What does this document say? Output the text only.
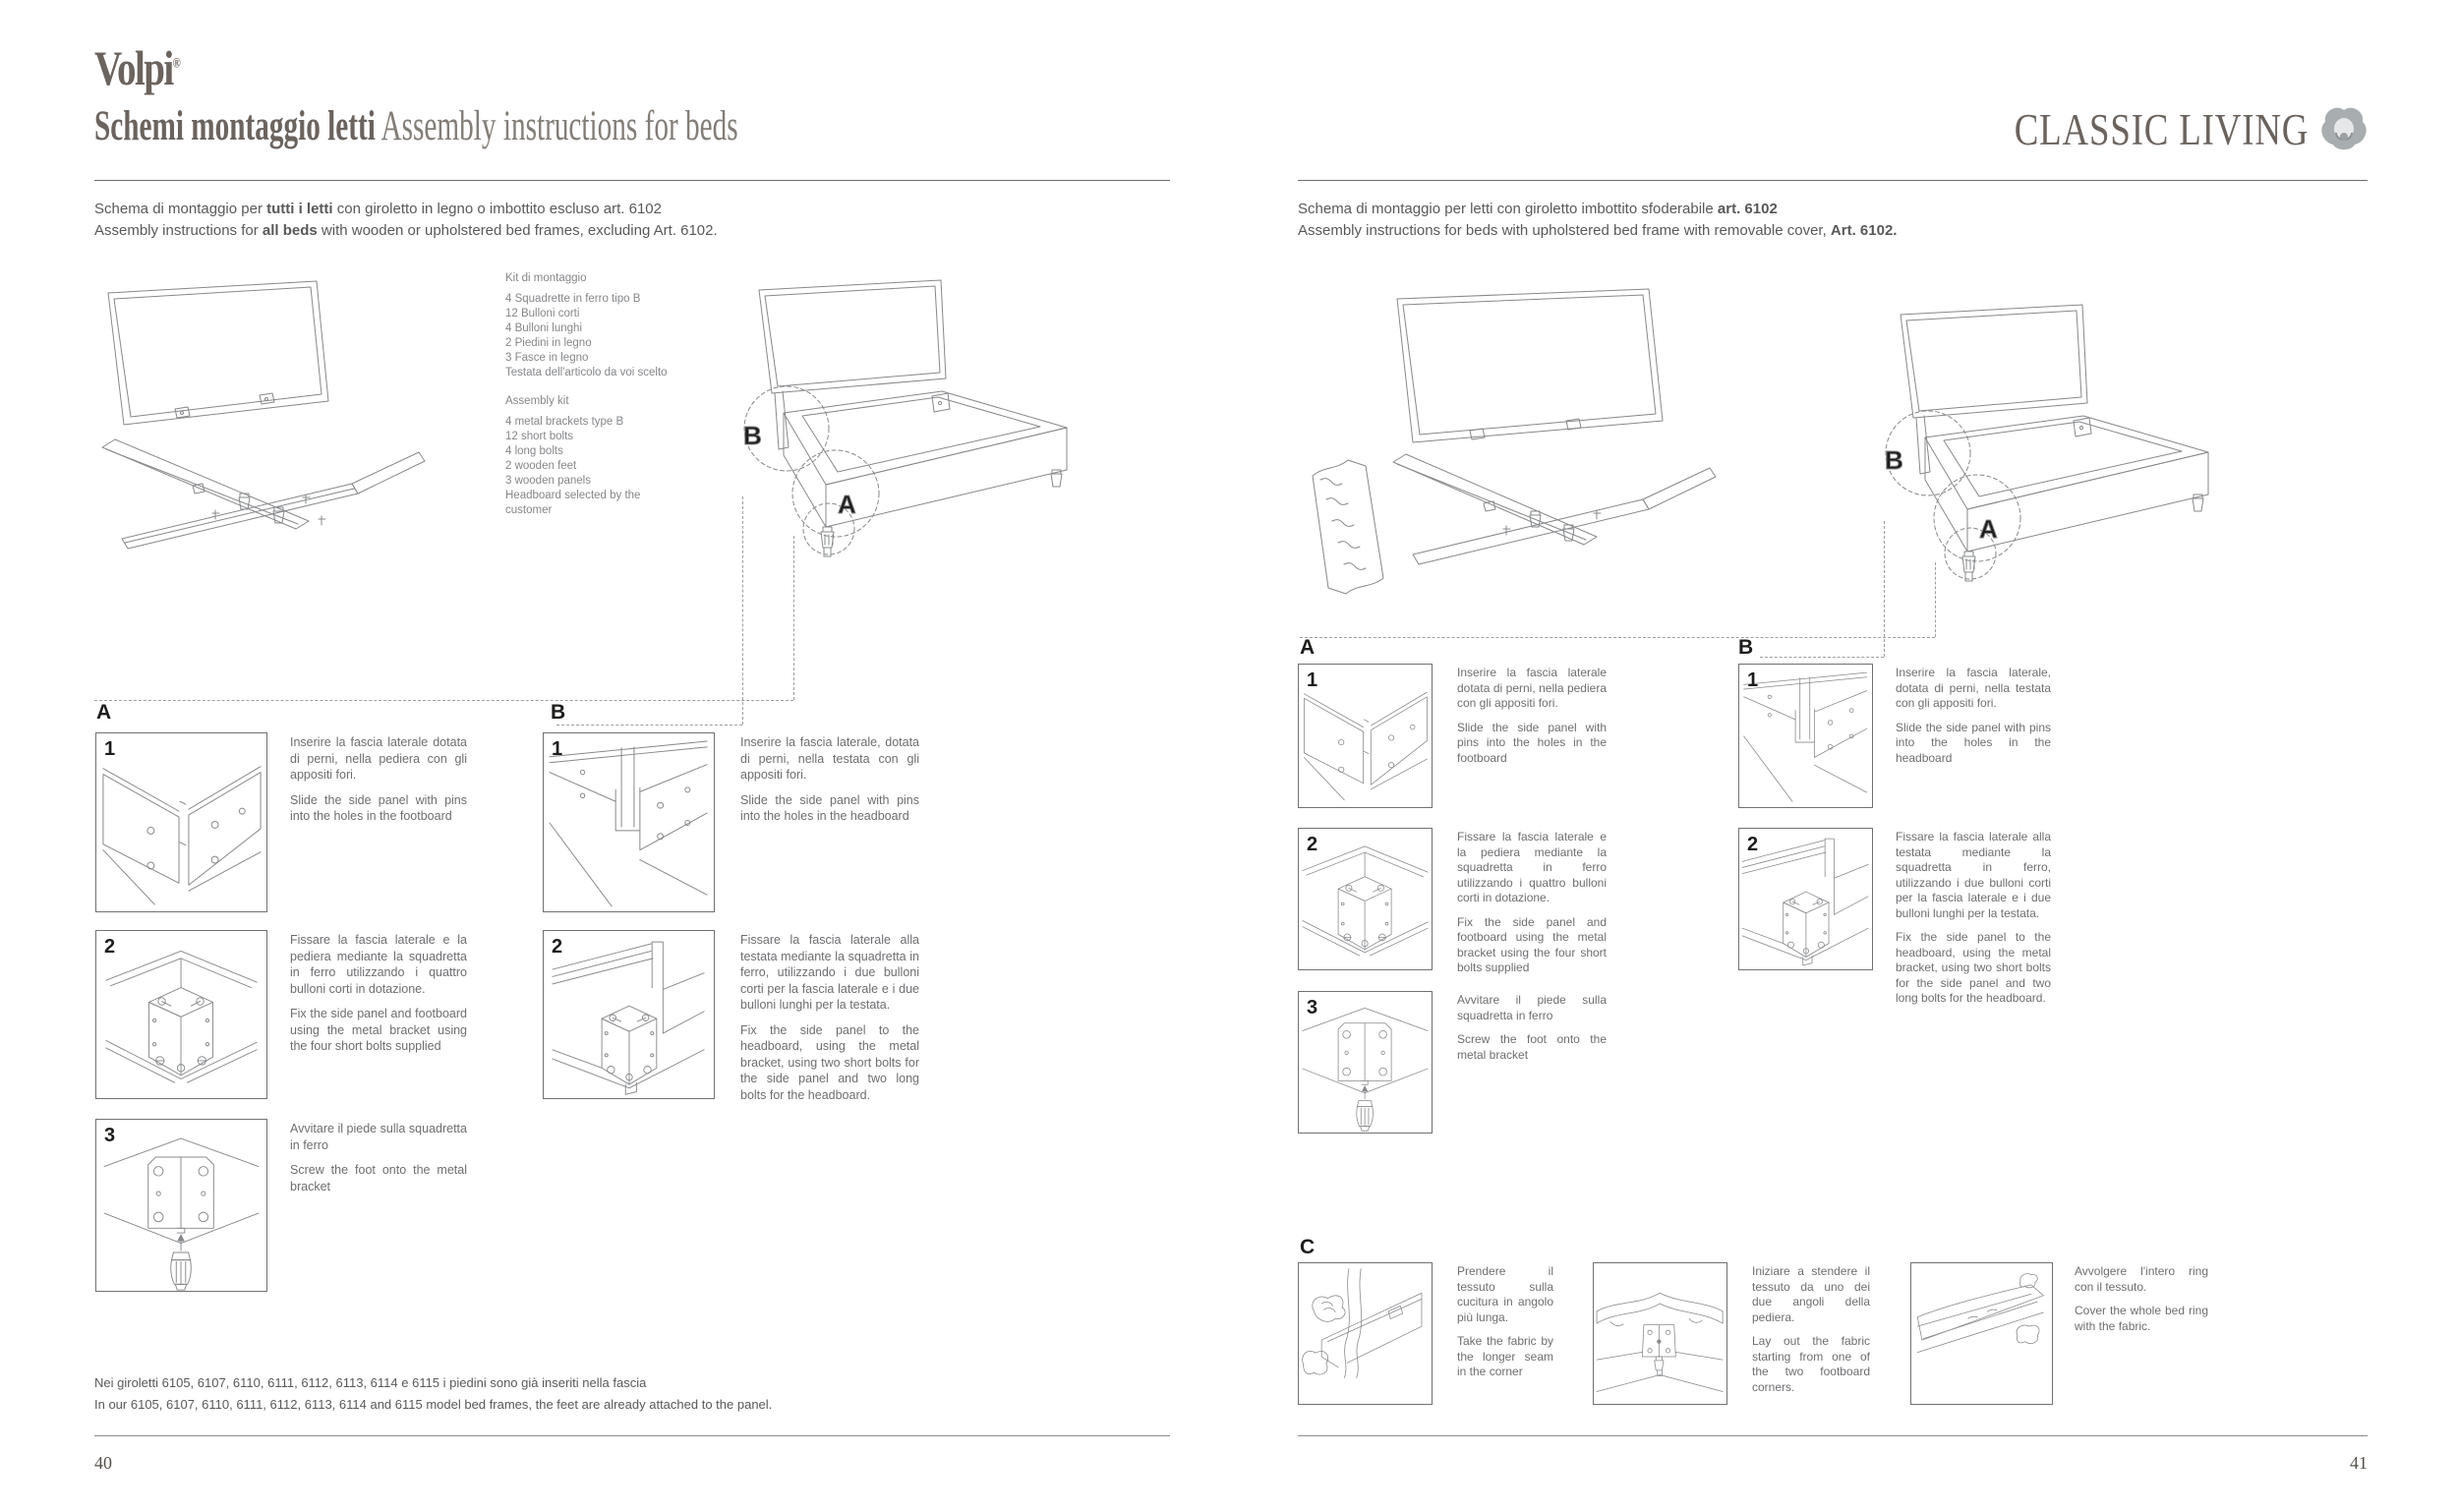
Volpi®
Schemi montaggio letti Assembly instructions for beds	CLASSIC LIVING

Schema di montaggio per tutti i letti con giroletto in legno o imbottito escluso art. 6102

Assembly instructions for all beds with wooden or upholstered bed frames, excluding Art. 6102.

Kit di montaggio
4 Squadrette in ferro tipo B
12 Bulloni corti
4 Bulloni lunghi
2 Piedini in legno
3 Fasce in legno
Testata dell'articolo da voi scelto
Assembly kit
4 metal brackets type B
12 short bolts
4 long bolts
2 wooden feet
3 wooden panels
Headboard selected by the customer
A
1	Inserire la fascia laterale dotata di perni, nella pediera con gli appositi fori.

Slide the side panel with pins into the holes in the footboard

2	Fissare la fascia laterale e la pediera mediante la squadretta in ferro utilizzando i quattro bulloni corti in dotazione.

Fix the side panel and footboard using the metal bracket using the four short bolts supplied

3	Avvitare il piede sulla squadretta in ferro

Screw the foot onto the metal bracket

B
1	Inserire la fascia laterale, dotata di perni, nella testata con gli appositi fori.

Slide the side panel with pins into the holes in the headboard

2	Fissare la fascia laterale alla testata mediante la squadretta in ferro, utilizzando i due bulloni corti per la fascia laterale e i due bulloni lunghi per la testata.

Fix the side panel to the headboard, using the metal bracket, using two short bolts for the side panel and two long bolts for the headboard.

Nei giroletti 6105, 6107, 6110, 6111, 6112, 6113, 6114 e 6115 i piedini sono già inseriti nella fascia

In our 6105, 6107, 6110, 6111, 6112, 6113, 6114 and 6115 model bed frames, the feet are already attached to the panel.

40

Schema di montaggio per letti con giroletto imbottito sfoderabile art. 6102

Assembly instructions for beds with upholstered bed frame with removable cover, Art. 6102.

A
1	Inserire la fascia laterale dotata di perni, nella pediera con gli appositi fori.

Slide the side panel with pins into the holes in the footboard

2	Fissare la fascia laterale e la pediera mediante la squadretta in ferro utilizzando i quattro bulloni corti in dotazione.

Fix the side panel and footboard using the metal bracket using the four short bolts supplied

3	Avvitare il piede sulla squadretta in ferro

Screw the foot onto the metal bracket

B
1	Inserire la fascia laterale, dotata di perni, nella testata con gli appositi fori.

Slide the side panel with pins into the holes in the headboard

2	Fissare la fascia laterale alla testata mediante la squadretta in ferro, utilizzando i due bulloni corti per la fascia laterale e i due bulloni lunghi per la testata.

Fix the side panel to the headboard, using the metal bracket, using two short bolts for the side panel and two long bolts for the headboard.

C

Prendere il tessuto sulla cucitura in angolo più lunga.

Take the fabric by the longer seam in the corner

Iniziare a stendere il tessuto da uno dei due angoli della pediera.

Lay out the fabric starting from one of the two footboard corners.

Avvolgere l'intero ring con il tessuto.

Cover the whole bed ring with the fabric.

41
